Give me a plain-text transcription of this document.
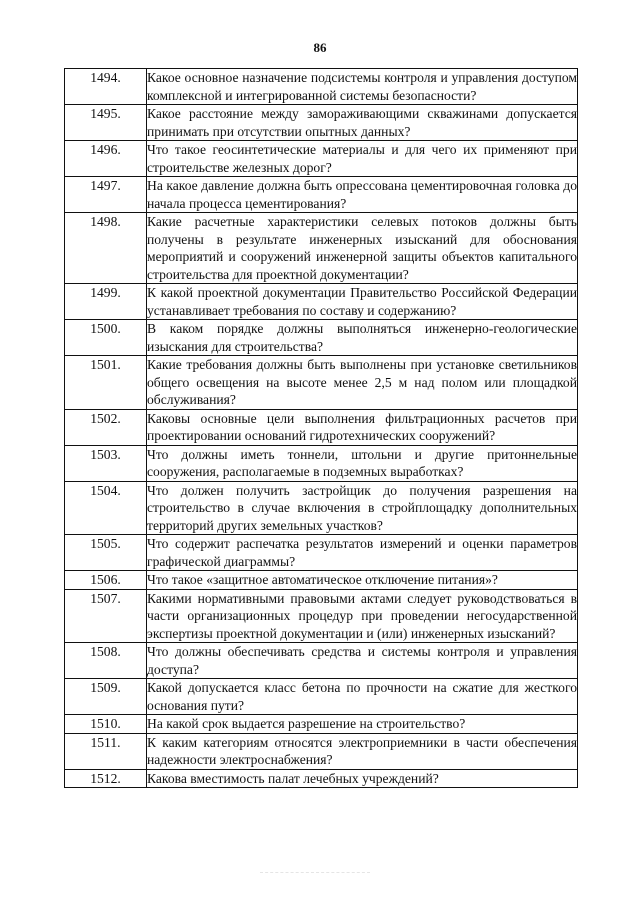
86
1494.	Какое основное назначение подсистемы контроля и управления доступом комплексной и интегрированной системы безопасности?
1495.	Какое расстояние между замораживающими скважинами допускается принимать при отсутствии опытных данных?
1496.	Что такое геосинтетические материалы и для чего их применяют при строительстве железных дорог?
1497.	На какое давление должна быть опрессована цементировочная головка до начала процесса цементирования?
1498.	Какие расчетные характеристики селевых потоков должны быть получены в результате инженерных изысканий для обоснования мероприятий и сооружений инженерной защиты объектов капитального строительства для проектной документации?
1499.	К какой проектной документации Правительство Российской Федерации устанавливает требования по составу и содержанию?
1500.	В каком порядке должны выполняться инженерно-геологические изыскания для строительства?
1501.	Какие требования должны быть выполнены при установке светильников общего освещения на высоте менее 2,5 м над полом или площадкой обслуживания?
1502.	Каковы основные цели выполнения фильтрационных расчетов при проектировании оснований гидротехнических сооружений?
1503.	Что должны иметь тоннели, штольни и другие притоннельные сооружения, располагаемые в подземных выработках?
1504.	Что должен получить застройщик до получения разрешения на строительство в случае включения в стройплощадку дополнительных территорий других земельных участков?
1505.	Что содержит распечатка результатов измерений и оценки параметров графической диаграммы?
1506.	Что такое «защитное автоматическое отключение питания»?
1507.	Какими нормативными правовыми актами следует руководствоваться в части организационных процедур при проведении негосударственной экспертизы проектной документации и (или) инженерных изысканий?
1508.	Что должны обеспечивать средства и системы контроля и управления доступа?
1509.	Какой допускается класс бетона по прочности на сжатие для жесткого основания пути?
1510.	На какой срок выдается разрешение на строительство?
1511.	К каким категориям относятся электроприемники в части обеспечения надежности электроснабжения?
1512.	Какова вместимость палат лечебных учреждений?
